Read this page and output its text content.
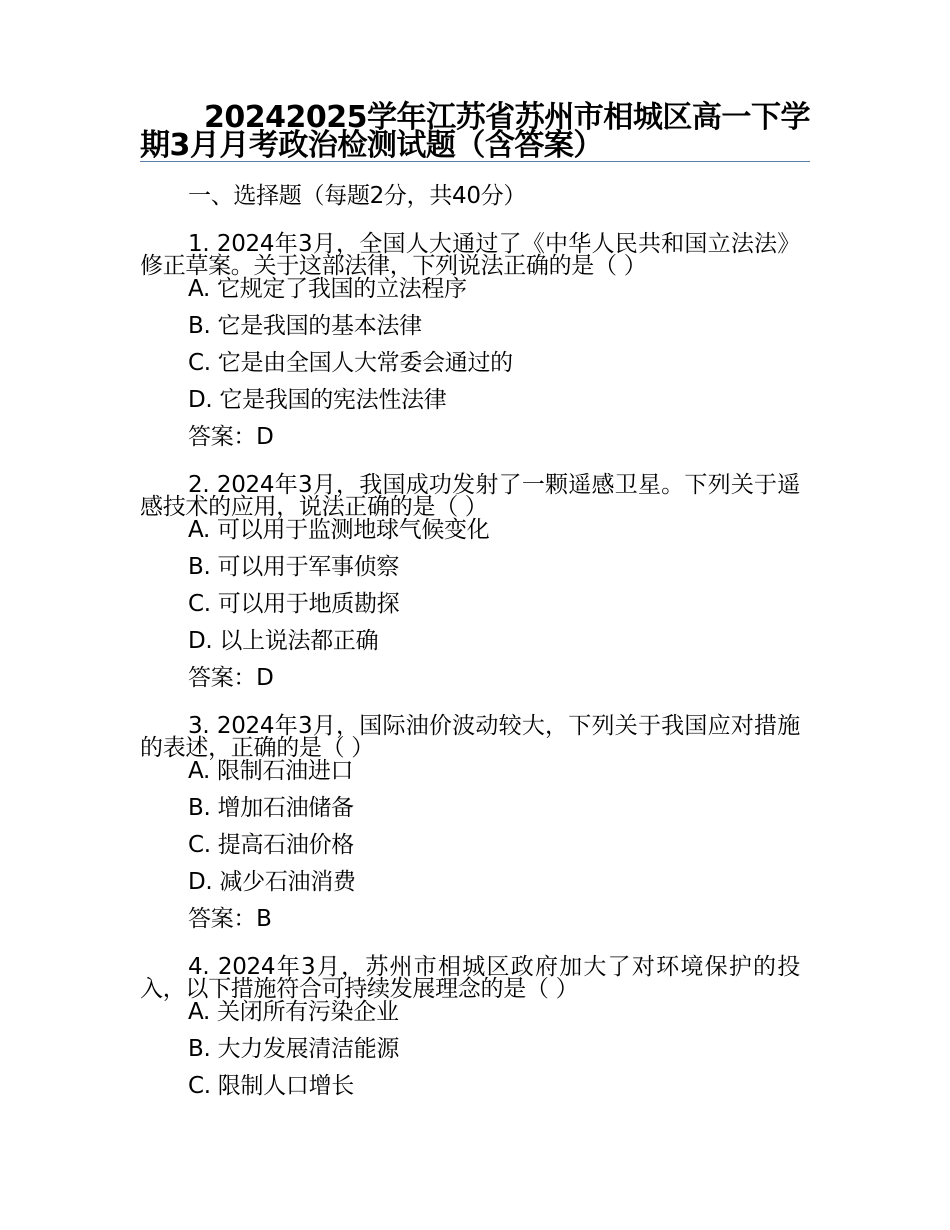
20242025学年江苏省苏州市相城区高一下学期3月月考政治检测试题（含答案）
一、选择题（每题2分，共40分）
1. 2024年3月，全国人大通过了《中华人民共和国立法法》修正草案。关于这部法律，下列说法正确的是（ ）
A. 它规定了我国的立法程序
B. 它是我国的基本法律
C. 它是由全国人大常委会通过的
D. 它是我国的宪法性法律
答案：D
2. 2024年3月，我国成功发射了一颗遥感卫星。下列关于遥感技术的应用，说法正确的是（ ）
A. 可以用于监测地球气候变化
B. 可以用于军事侦察
C. 可以用于地质勘探
D. 以上说法都正确
答案：D
3. 2024年3月，国际油价波动较大，下列关于我国应对措施的表述，正确的是（ ）
A. 限制石油进口
B. 增加石油储备
C. 提高石油价格
D. 减少石油消费
答案：B
4. 2024年3月，苏州市相城区政府加大了对环境保护的投入，以下措施符合可持续发展理念的是（ ）
A. 关闭所有污染企业
B. 大力发展清洁能源
C. 限制人口增长
